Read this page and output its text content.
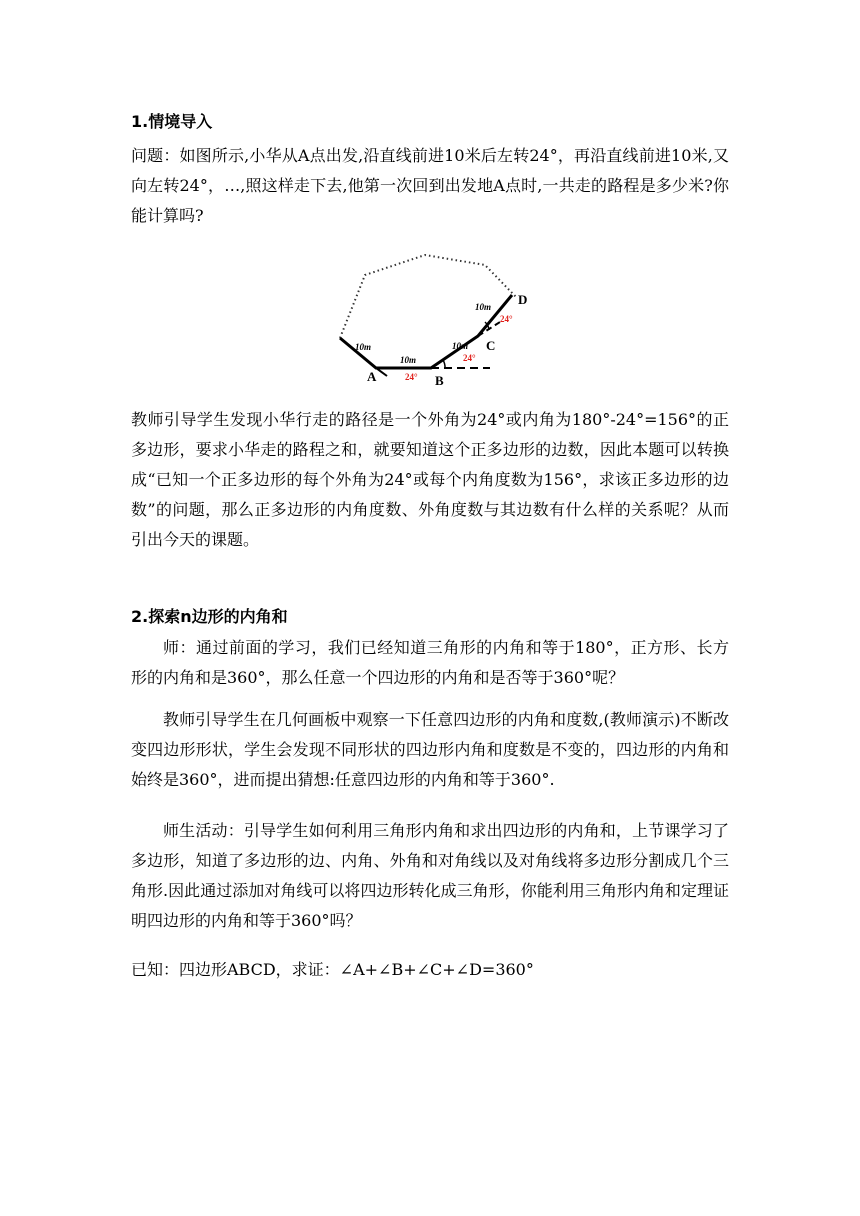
1.情境导入
问题：如图所示,小华从A点出发,沿直线前进10米后左转24°，再沿直线前进10米,又向左转24°，…,照这样走下去,他第一次回到出发地A点时,一共走的路程是多少米?你能计算吗?
10m
10m
10m
10m
24°
24°
24°
A	B
C
D
教师引导学生发现小华行走的路径是一个外角为24°或内角为180°-24°=156°的正多边形，要求小华走的路程之和，就要知道这个正多边形的边数，因此本题可以转换成“已知一个正多边形的每个外角为24°或每个内角度数为156°，求该正多边形的边数”的问题，那么正多边形的内角度数、外角度数与其边数有什么样的关系呢？从而引出今天的课题。
2.探索n边形的内角和
师：通过前面的学习，我们已经知道三角形的内角和等于180°，正方形、长方形的内角和是360°，那么任意一个四边形的内角和是否等于360°呢？
教师引导学生在几何画板中观察一下任意四边形的内角和度数,(教师演示)不断改变四边形形状，学生会发现不同形状的四边形内角和度数是不变的，四边形的内角和始终是360°，进而提出猜想:任意四边形的内角和等于360°.
师生活动：引导学生如何利用三角形内角和求出四边形的内角和，上节课学习了多边形，知道了多边形的边、内角、外角和对角线以及对角线将多边形分割成几个三角形.因此通过添加对角线可以将四边形转化成三角形，你能利用三角形内角和定理证明四边形的内角和等于360°吗？
已知：四边形ABCD，求证：∠A+∠B+∠C+∠D=360°
